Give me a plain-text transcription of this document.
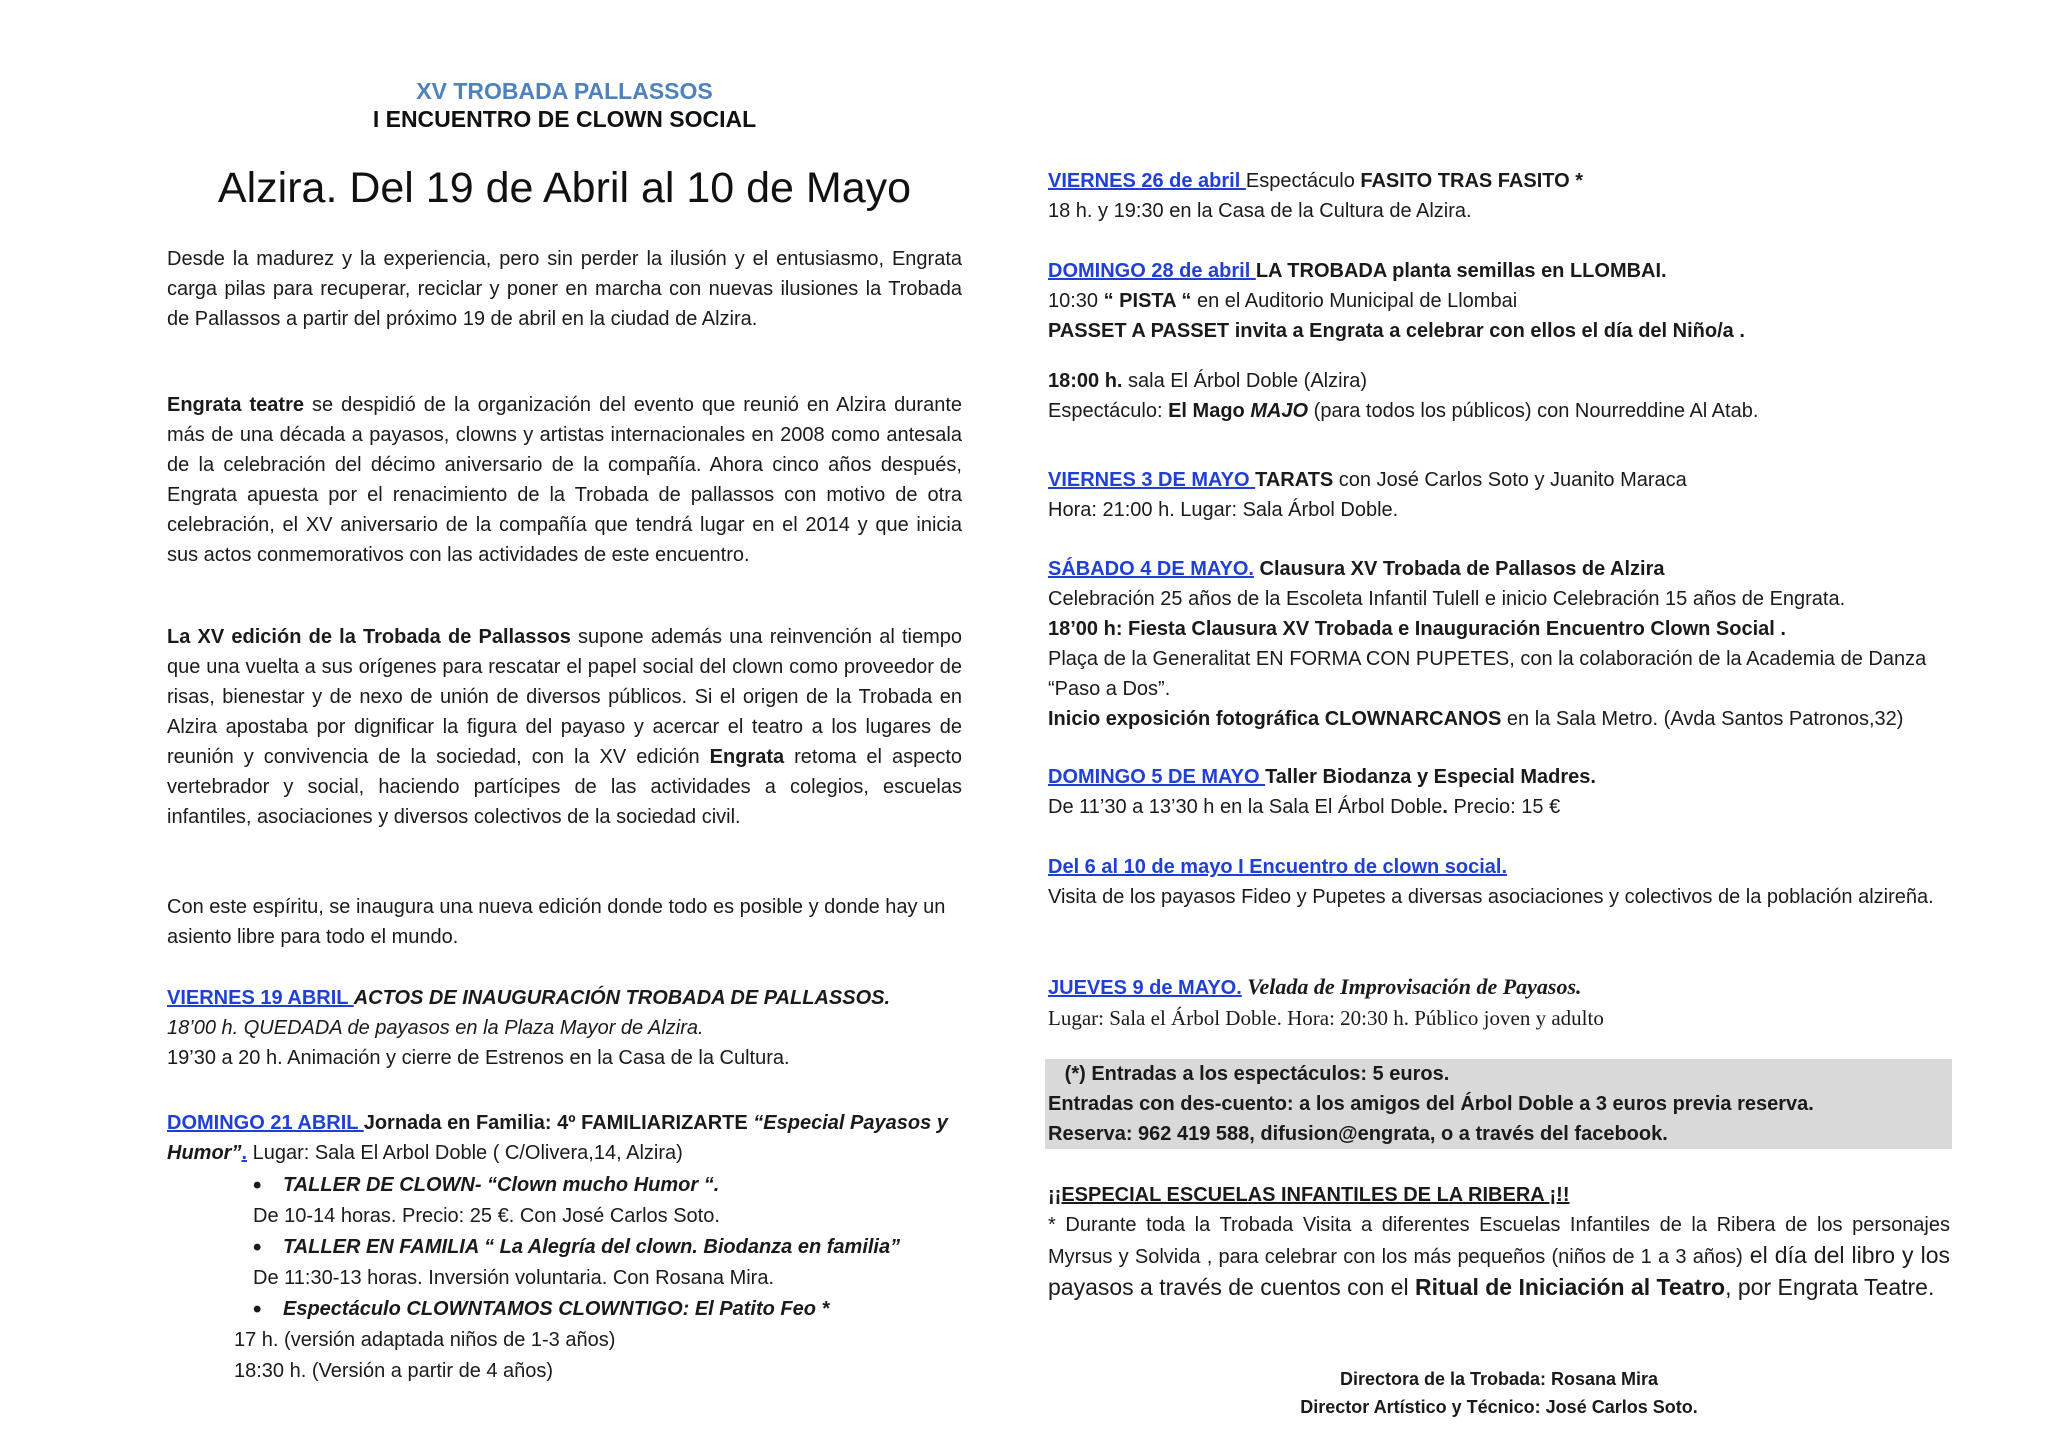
XV TROBADA PALLASSOS
I ENCUENTRO DE CLOWN SOCIAL
Alzira. Del 19 de Abril al 10 de Mayo

Desde la madurez y la experiencia, pero sin perder la ilusión y el entusiasmo, Engrata carga pilas para recuperar, reciclar y poner en marcha con nuevas ilusiones la Trobada de Pallassos a partir del próximo 19 de abril en la ciudad de Alzira.

Engrata teatre se despidió de la organización del evento que reunió en Alzira durante más de una década a payasos, clowns y artistas internacionales en 2008 como antesala de la celebración del décimo aniversario de la compañía. Ahora cinco años después, Engrata apuesta por el renacimiento de la Trobada de pallassos con motivo de otra celebración, el XV aniversario de la compañía que tendrá lugar en el 2014 y que inicia sus actos conmemorativos con las actividades de este encuentro.

La XV edición de la Trobada de Pallassos supone además una reinvención al tiempo que una vuelta a sus orígenes para rescatar el papel social del clown como proveedor de risas, bienestar y de nexo de unión de diversos públicos. Si el origen de la Trobada en Alzira apostaba por dignificar la figura del payaso y acercar el teatro a los lugares de reunión y convivencia de la sociedad, con la XV edición Engrata retoma el aspecto vertebrador y social, haciendo partícipes de las actividades a colegios, escuelas infantiles, asociaciones y diversos colectivos de la sociedad civil.

Con este espíritu, se inaugura una nueva edición donde todo es posible y donde hay un asiento libre para todo el mundo.

VIERNES 19 ABRIL ACTOS DE INAUGURACIÓN TROBADA DE PALLASSOS.

18’00 h. QUEDADA de payasos en la Plaza Mayor de Alzira.

19’30 a 20 h. Animación y cierre de Estrenos en la Casa de la Cultura.

DOMINGO 21 ABRIL Jornada en Familia: 4º FAMILIARIZARTE “Especial Payasos y Humor”. Lugar: Sala El Arbol Doble ( C/Olivera,14, Alzira)

• TALLER DE CLOWN- “Clown mucho Humor “.
De 10-14 horas. Precio: 25 €. Con José Carlos Soto.
• TALLER EN FAMILIA “ La Alegría del clown. Biodanza en familia”
De 11:30-13 horas. Inversión voluntaria. Con Rosana Mira.
• Espectáculo CLOWNTAMOS CLOWNTIGO: El Patito Feo *
17 h. (versión adaptada niños de 1-3 años)
18:30 h. (Versión a partir de 4 años)

VIERNES 26 de abril Espectáculo FASITO TRAS FASITO *

18 h. y 19:30 en la Casa de la Cultura de Alzira.

DOMINGO 28 de abril LA TROBADA planta semillas en LLOMBAI.

10:30 “ PISTA “ en el Auditorio Municipal de Llombai

PASSET A PASSET invita a Engrata a celebrar con ellos el día del Niño/a .

18:00 h. sala El Árbol Doble (Alzira)

Espectáculo: El Mago MAJO (para todos los públicos) con Nourreddine Al Atab.

VIERNES 3 DE MAYO TARATS con José Carlos Soto y Juanito Maraca

Hora: 21:00 h. Lugar: Sala Árbol Doble.

SÁBADO 4 DE MAYO. Clausura XV Trobada de Pallasos de Alzira

Celebración 25 años de la Escoleta Infantil Tulell e inicio Celebración 15 años de Engrata.

18’00 h: Fiesta Clausura XV Trobada e Inauguración Encuentro Clown Social .

Plaça de la Generalitat EN FORMA CON PUPETES, con la colaboración de la Academia de Danza “Paso a Dos”.

Inicio exposición fotográfica CLOWNARCANOS en la Sala Metro. (Avda Santos Patronos,32)

DOMINGO 5 DE MAYO Taller Biodanza y Especial Madres.

De 11’30 a 13’30 h en la Sala El Árbol Doble. Precio: 15 €

Del 6 al 10 de mayo I Encuentro de clown social.

Visita de los payasos Fideo y Pupetes a diversas asociaciones y colectivos de la población alzireña.

JUEVES 9 de MAYO. Velada de Improvisación de Payasos.

Lugar: Sala el Árbol Doble. Hora: 20:30 h. Público joven y adulto

(*) Entradas a los espectáculos: 5 euros.

Entradas con des-cuento: a los amigos del Árbol Doble a 3 euros previa reserva.

Reserva: 962 419 588, difusion@engrata, o a través del facebook.

¡¡ESPECIAL ESCUELAS INFANTILES DE LA RIBERA ¡!!

* Durante toda la Trobada Visita a diferentes Escuelas Infantiles de la Ribera de los personajes Myrsus y Solvida , para celebrar con los más pequeños (niños de 1 a 3 años) el día del libro y los payasos a través de cuentos con el Ritual de Iniciación al Teatro, por Engrata Teatre.

Directora de la Trobada: Rosana Mira
Director Artístico y Técnico: José Carlos Soto.
